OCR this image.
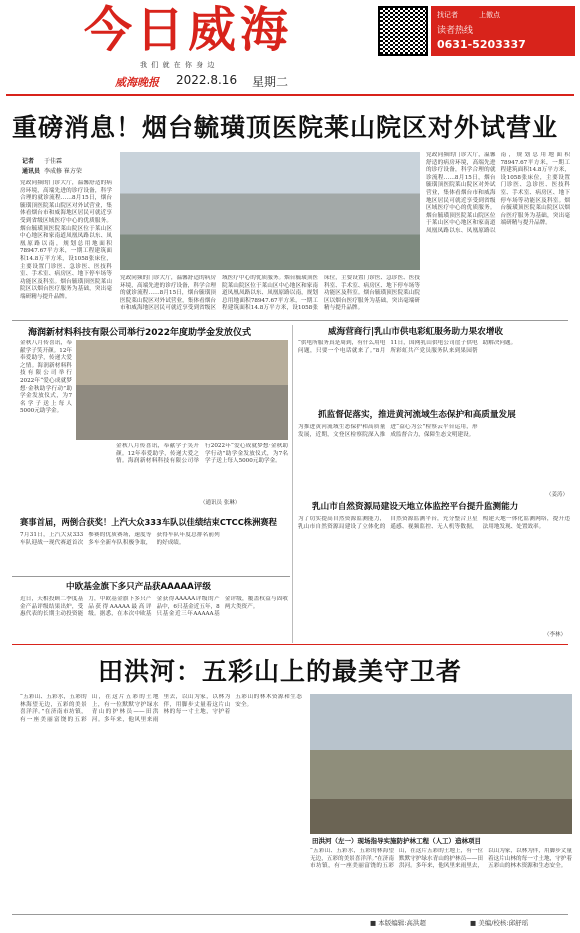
今日威海
我 们 就 在 你 身 边
威海晚报 2022.8.16 星期二
找记者	上傲点
读者热线
0631-5203337
重磅消息！烟台毓璜顶医院莱山院区对外试营业
记者 于佳霖
通讯员 李成修 崔方荣
党政同频的门诊大厅，温馨舒适的病房环境，高端先进的诊疗设备，科学合理的就诊流程……8月15日，烟台毓璜顶医院莱山院区对外试营业，集体看烟台市和威海地区居民可就近享受到省级区域医疗中心的优质服务。烟台毓璜顶医院莱山院区位于莱山区中心地区和家南道凤凰凤路以东、凤凰原路以南，规划总用地面积78947.67平方米，一期工程建筑面积14.8万平方米，设1058张床位，主要设置门诊医、急诊医、医技科室、手术室、病房区、地下停车场等功能区及科室。烟台毓璜顶医院莱山院区以烟台医疗服务为基础，突出毫端研精与提升品牌。
党政同频的门诊大厅，温馨舒适的病房环境，高端先进的诊疗设备，科学合理的就诊流程……8月15日，烟台毓璜顶医院莱山院区对外试营业，集体看烟台市和威海地区居民可就近享受到省级区域医疗中心的优质服务。烟台毓璜顶医院莱山院区位于莱山区中心地区和家南道凤凰凤路以东、凤凰原路以南，规划总用地面积78947.67平方米，一期工程建筑面积14.8万平方米，设1058张床位，主要设置门诊医、急诊医、医技科室、手术室、病房区、地下停车场等功能区及科室。烟台毓璜顶医院莱山院区以烟台医疗服务为基础，突出毫端研精与提升品牌。
党政同频的门诊大厅，温馨舒适的病房环境，高端先进的诊疗设备，科学合理的就诊流程……8月15日，烟台毓璜顶医院莱山院区对外试营业，集体看烟台市和威海地区居民可就近享受到省级区域医疗中心的优质服务。烟台毓璜顶医院莱山院区位于莱山区中心地区和家南道凤凰凤路以东、凤凰原路以南，规划总用地面积78947.67平方米，一期工程建筑面积14.8万平方米，设1058张床位，主要设置门诊医、急诊医、医技科室、手术室、病房区、地下停车场等功能区及科室。烟台毓璜顶医院莱山院区以烟台医疗服务为基础，突出毫端研精与提升品牌。
海润新材料科技有限公司举行2022年度助学金发放仪式
金秋八月传喜讯，奉献学子笑开颜。12年奉爱助学，传递大爱之情。海润新材料科技有限公司举行2022年“爱心成就梦想·金秋助学行动”助学金发放仪式，为7名学子送上每人5000元助学金。
金秋八月传喜讯，奉献学子笑开颜。12年奉爱助学，传递大爱之情。海润新材料科技有限公司举行2022年“爱心成就梦想·金秋助学行动”助学金发放仪式，为7名学子送上每人5000元助学金。
（通讯员 张琳）
赛事首届，两倒合获奖！上汽大众333车队以佳绩结束CTCC株洲赛程
7月31日，上汽大众333车队迎战一现代赛道首次参赛的优质赛场，速度等多车全新车队积极争取，获得车队年度总排名前列的好成绩。
中欧基金旗下多只产品获AAAAA评级
近日，天相投顾二季度基金产品评级结果出炉，受惠代表的长期主动投资能力，中欧基金旗下多只产品获得AAAAA最高评级。据悉，在本次中欧基金获得AAAAA评级的产品中，6只基金近五年，8只基金近三年AAAAA基金评级，覆盖权益与固收两大类资产。
威海营商行|乳山市供电彩虹服务助力果农增收
“供电所服务真是周到，有什么用电问题，只要一个电话就来了。”8月11日，国网乳山供电公司崖子供电所彩虹共产党员服务队来到果园帮助解决问题。
抓监督促落实，推进黄河流域生态保护和高质量发展
为推进黄河流域生态保护和高质量发展，近期，文登区检察院深入推进“益心为公”检察云平台运用，形成监督合力，保障生态文明建设。
（姜涛）
乳山市自然资源局建设天地立体监控平台提升监测能力
为了切实提高自然资源监测能力，乳山市自然资源局建设了立体化的自然资源监测平台，充分整合卫星遥感、视频监控、无人机等数据，构建天地一体化监测网络，提升违法用地发现、处置效率。
（李林）
田洪河：五彩山上的最美守卫者
“五彩山、五彩水，五彩的林海望无边，五彩的美景喜洋洋。”在济南市坊镇，有一座美丽富饶的五彩山，在这片五彩的土地上，有一位默默守护绿水青山的护林员——田洪河。多年来，他风里来雨里去，以山为家，以林为伴，用脚步丈量着这片山林的每一寸土地，守护着五彩山的林木资源和生态安全。
田洪河（左一）现场指导实施防护林工程（人工）造林项目
“五彩山、五彩水，五彩的林海望无边，五彩的美景喜洋洋。”在济南市坊镇，有一座美丽富饶的五彩山，在这片五彩的土地上，有一位默默守护绿水青山的护林员——田洪河。多年来，他风里来雨里去，以山为家，以林为伴，用脚步丈量着这片山林的每一寸土地，守护着五彩山的林木资源和生态安全。
■ 本版编辑:高洪超	■ 美编/校核:邱舒瑶
